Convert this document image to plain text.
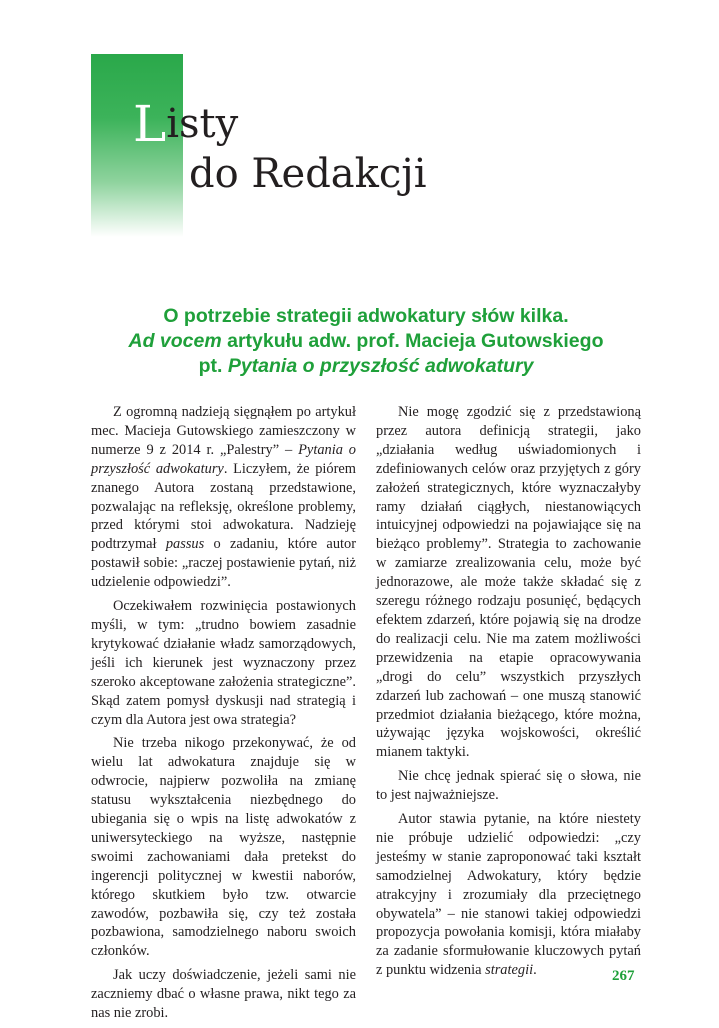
Listy
do Redakcji
O potrzebie strategii adwokatury słów kilka.
Ad vocem artykułu adw. prof. Macieja Gutowskiego
pt. Pytania o przyszłość adwokatury

Z ogromną nadzieją sięgnąłem po artykuł mec. Macieja Gutowskiego zamieszczony w numerze 9 z 2014 r. „Palestry” – Pytania o przyszłość adwokatury. Liczyłem, że piórem znanego Autora zostaną przedstawione, pozwalając na refleksję, określone problemy, przed którymi stoi adwokatura. Nadzieję podtrzymał passus o zadaniu, które autor postawił sobie: „raczej postawienie pytań, niż udzielenie odpowiedzi”.

Oczekiwałem rozwinięcia postawionych myśli, w tym: „trudno bowiem zasadnie krytykować działanie władz samorządowych, jeśli ich kierunek jest wyznaczony przez szeroko akceptowane założenia strategiczne”. Skąd zatem pomysł dyskusji nad strategią i czym dla Autora jest owa strategia?

Nie trzeba nikogo przekonywać, że od wielu lat adwokatura znajduje się w odwrocie, najpierw pozwoliła na zmianę statusu wykształcenia niezbędnego do ubiegania się o wpis na listę adwokatów z uniwersyteckiego na wyższe, następnie swoimi zachowaniami dała pretekst do ingerencji politycznej w kwestii naborów, którego skutkiem było tzw. otwarcie zawodów, pozbawiła się, czy też została pozbawiona, samodzielnego naboru swoich członków.

Jak uczy doświadczenie, jeżeli sami nie zaczniemy dbać o własne prawa, nikt tego za nas nie zrobi.

Nie mogę zgodzić się z przedstawioną przez autora definicją strategii, jako „działania według uświadomionych i zdefiniowanych celów oraz przyjętych z góry założeń strategicznych, które wyznaczałyby ramy działań ciągłych, niestanowiących intuicyjnej odpowiedzi na pojawiające się na bieżąco problemy”. Strategia to zachowanie w zamiarze zrealizowania celu, może być jednorazowe, ale może także składać się z szeregu różnego rodzaju posunięć, będących efektem zdarzeń, które pojawią się na drodze do realizacji celu. Nie ma zatem możliwości przewidzenia na etapie opracowywania „drogi do celu” wszystkich przyszłych zdarzeń lub zachowań – one muszą stanowić przedmiot działania bieżącego, które można, używając języka wojskowości, określić mianem taktyki.

Nie chcę jednak spierać się o słowa, nie to jest najważniejsze.

Autor stawia pytanie, na które niestety nie próbuje udzielić odpowiedzi: „czy jesteśmy w stanie zaproponować taki kształt samodzielnej Adwokatury, który będzie atrakcyjny i zrozumiały dla przeciętnego obywatela” – nie stanowi takiej odpowiedzi propozycja powołania komisji, która miałaby za zadanie sformułowanie kluczowych pytań z punktu widzenia strategii.	267
